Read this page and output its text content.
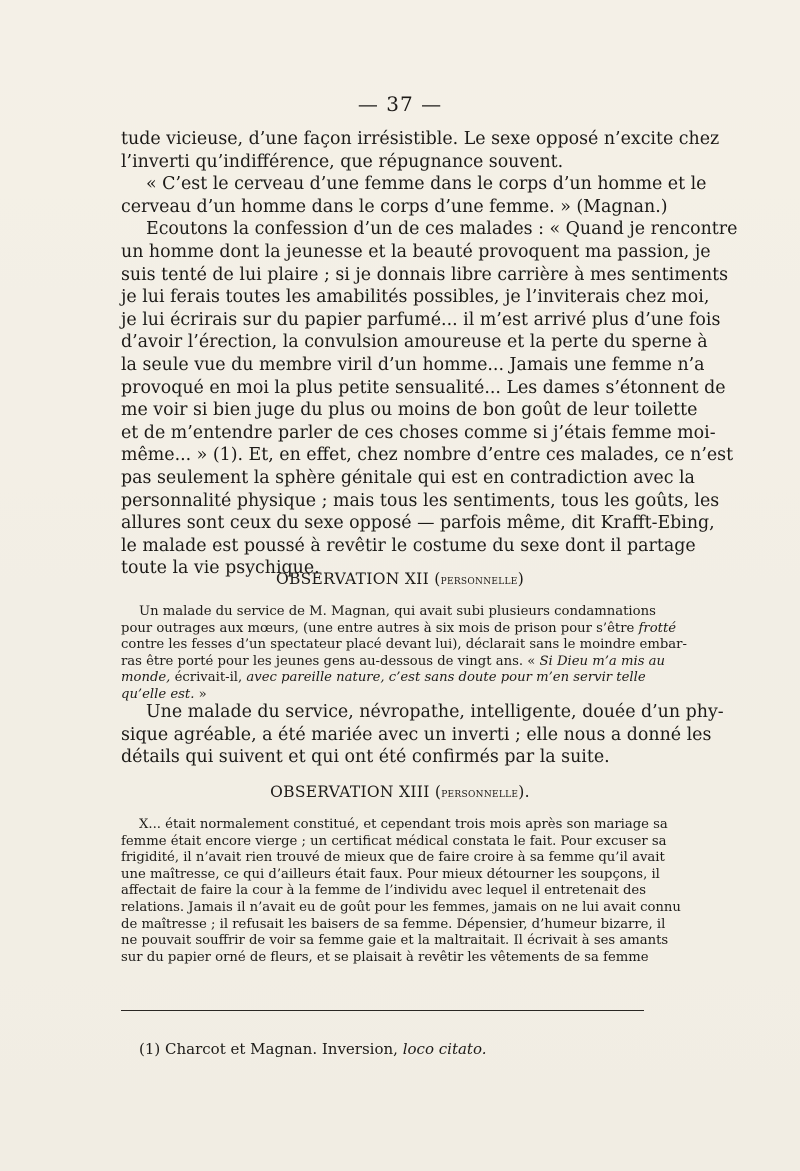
— 37 —
tude vicieuse, d’une façon irrésistible. Le sexe opposé n’excite chez
l’inverti qu’indifférence, que répugnance souvent.
« C’est le cerveau d’une femme dans le corps d’un homme et le
cerveau d’un homme dans le corps d’une femme. » (Magnan.)
Ecoutons la confession d’un de ces malades : « Quand je rencontre
un homme dont la jeunesse et la beauté provoquent ma passion, je
suis tenté de lui plaire ; si je donnais libre carrière à mes sentiments
je lui ferais toutes les amabilités possibles, je l’inviterais chez moi,
je lui écrirais sur du papier parfumé... il m’est arrivé plus d’une fois
d’avoir l’érection, la convulsion amoureuse et la perte du sperne à
la seule vue du membre viril d’un homme... Jamais une femme n’a
provoqué en moi la plus petite sensualité... Les dames s’étonnent de
me voir si bien juge du plus ou moins de bon goût de leur toilette
et de m’entendre parler de ces choses comme si j’étais femme moi-
même... » (1). Et, en effet, chez nombre d’entre ces malades, ce n’est
pas seulement la sphère génitale qui est en contradiction avec la
personnalité physique ; mais tous les sentiments, tous les goûts, les
allures sont ceux du sexe opposé — parfois même, dit Krafft-Ebing,
le malade est poussé à revêtir le costume du sexe dont il partage
toute la vie psychique.
OBSERVATION XII (personnelle)
Un malade du service de M. Magnan, qui avait subi plusieurs condamnations
pour outrages aux mœurs, (une entre autres à six mois de prison pour s’être frotté
contre les fesses d’un spectateur placé devant lui), déclarait sans le moindre embar-
ras être porté pour les jeunes gens au-dessous de vingt ans. « Si Dieu m’a mis au
monde, écrivait-il, avec pareille nature, c’est sans doute pour m’en servir telle
qu’elle est. »
Une malade du service, névropathe, intelligente, douée d’un phy-
sique agréable, a été mariée avec un inverti ; elle nous a donné les
détails qui suivent et qui ont été confirmés par la suite.
OBSERVATION XIII (personnelle).
X... était normalement constitué, et cependant trois mois après son mariage sa
femme était encore vierge ; un certificat médical constata le fait. Pour excuser sa
frigidité, il n’avait rien trouvé de mieux que de faire croire à sa femme qu’il avait
une maîtresse, ce qui d’ailleurs était faux. Pour mieux détourner les soupçons, il
affectait de faire la cour à la femme de l’individu avec lequel il entretenait des
relations. Jamais il n’avait eu de goût pour les femmes, jamais on ne lui avait connu
de maîtresse ; il refusait les baisers de sa femme. Dépensier, d’humeur bizarre, il
ne pouvait souffrir de voir sa femme gaie et la maltraitait. Il écrivait à ses amants
sur du papier orné de fleurs, et se plaisait à revêtir les vêtements de sa femme
(1) Charcot et Magnan. Inversion, loco citato.
